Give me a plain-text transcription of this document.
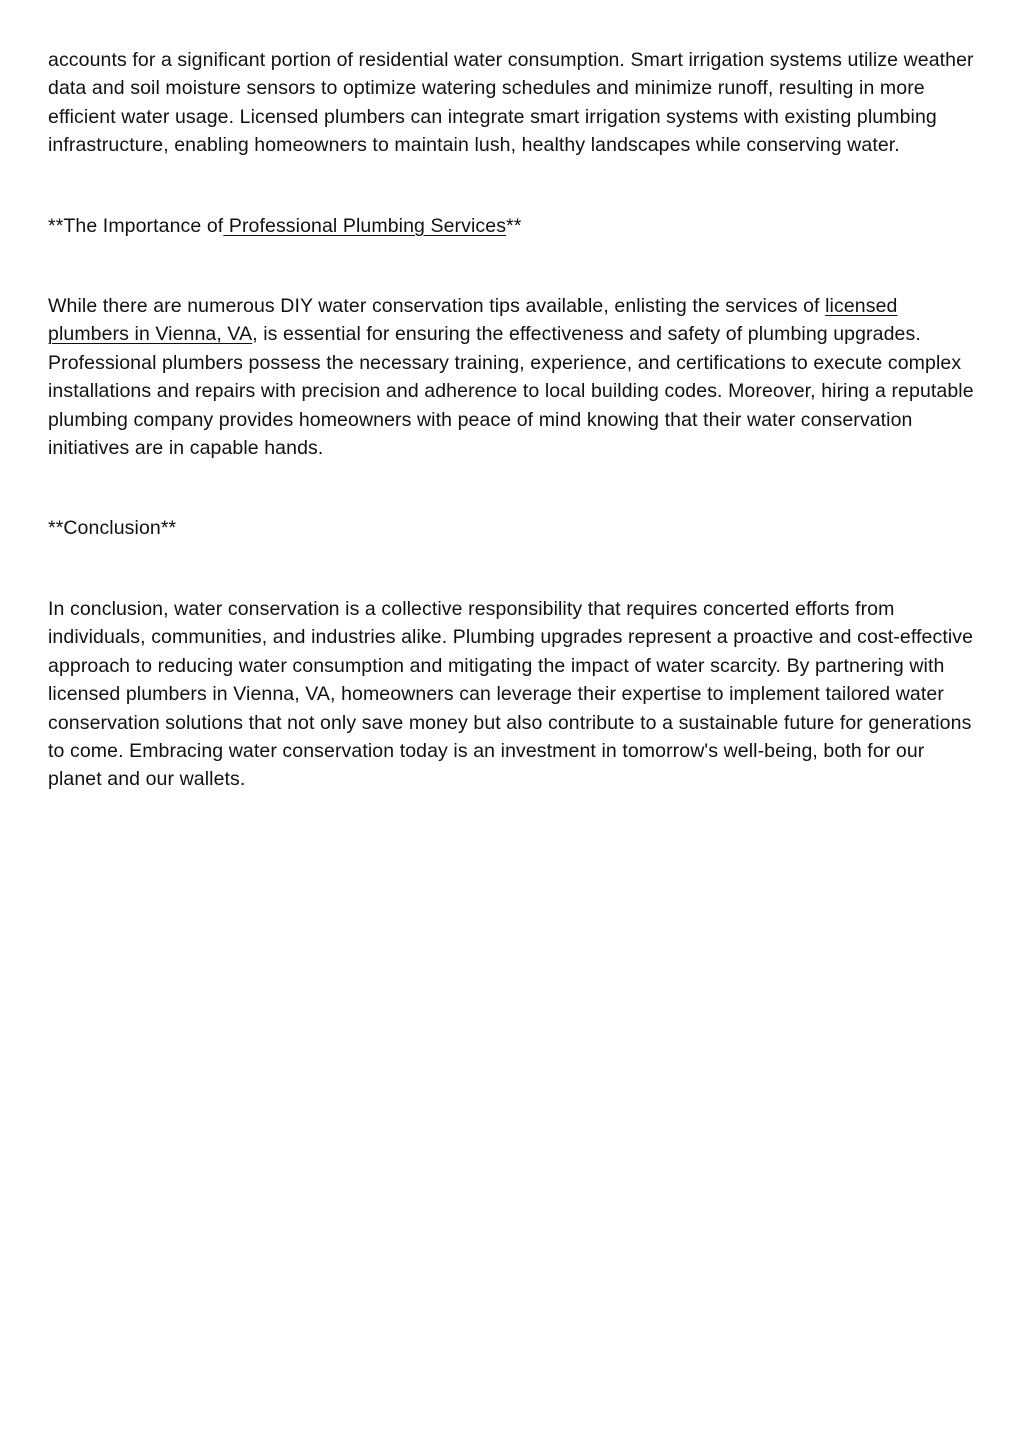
accounts for a significant portion of residential water consumption. Smart irrigation systems utilize weather data and soil moisture sensors to optimize watering schedules and minimize runoff, resulting in more efficient water usage. Licensed plumbers can integrate smart irrigation systems with existing plumbing infrastructure, enabling homeowners to maintain lush, healthy landscapes while conserving water.

**The Importance of Professional Plumbing Services**

While there are numerous DIY water conservation tips available, enlisting the services of licensed plumbers in Vienna, VA, is essential for ensuring the effectiveness and safety of plumbing upgrades. Professional plumbers possess the necessary training, experience, and certifications to execute complex installations and repairs with precision and adherence to local building codes. Moreover, hiring a reputable plumbing company provides homeowners with peace of mind knowing that their water conservation initiatives are in capable hands.

**Conclusion**

In conclusion, water conservation is a collective responsibility that requires concerted efforts from individuals, communities, and industries alike. Plumbing upgrades represent a proactive and cost-effective approach to reducing water consumption and mitigating the impact of water scarcity. By partnering with licensed plumbers in Vienna, VA, homeowners can leverage their expertise to implement tailored water conservation solutions that not only save money but also contribute to a sustainable future for generations to come. Embracing water conservation today is an investment in tomorrow's well-being, both for our planet and our wallets.
